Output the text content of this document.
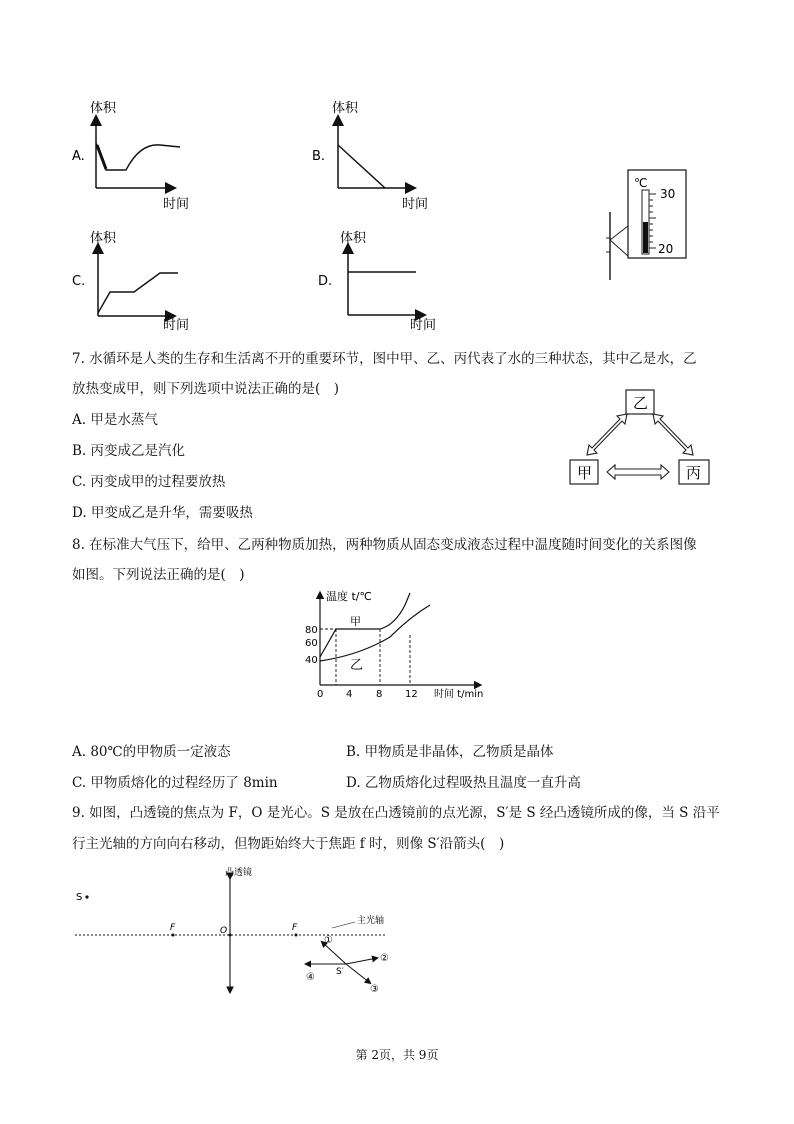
A.
体积
时间
B.
体积
时间
C.
体积
时间
D.
体积
时间
℃
30
20
7. 水循环是人类的生存和生活离不开的重要环节，图中甲、乙、丙代表了水的三种状态，其中乙是水，乙
放热变成甲，则下列选项中说法正确的是(　)
A. 甲是水蒸气
B. 丙变成乙是汽化
C. 丙变成甲的过程要放热
D. 甲变成乙是升华，需要吸热
乙
甲	丙
8. 在标准大气压下，给甲、乙两种物质加热，两种物质从固态变成液态过程中温度随时间变化的关系图像
如图。下列说法正确的是(　)
温度 t/℃
时间 t/min
80
60
40
0 4 8 12
甲
乙
A. 80℃的甲物质一定液态	B. 甲物质是非晶体，乙物质是晶体
C. 甲物质熔化的过程经历了 8min	D. 乙物质熔化过程吸热且温度一直升高
9. 如图，凸透镜的焦点为 F，O 是光心。S 是放在凸透镜前的点光源，S′是 S 经凸透镜所成的像，当 S 沿平
行主光轴的方向向右移动，但物距始终大于焦距 f 时，则像 S′沿箭头(　)
凸透镜
S
F	O	F
主光轴
①
②
③
④ S′
第 2页，共 9页
